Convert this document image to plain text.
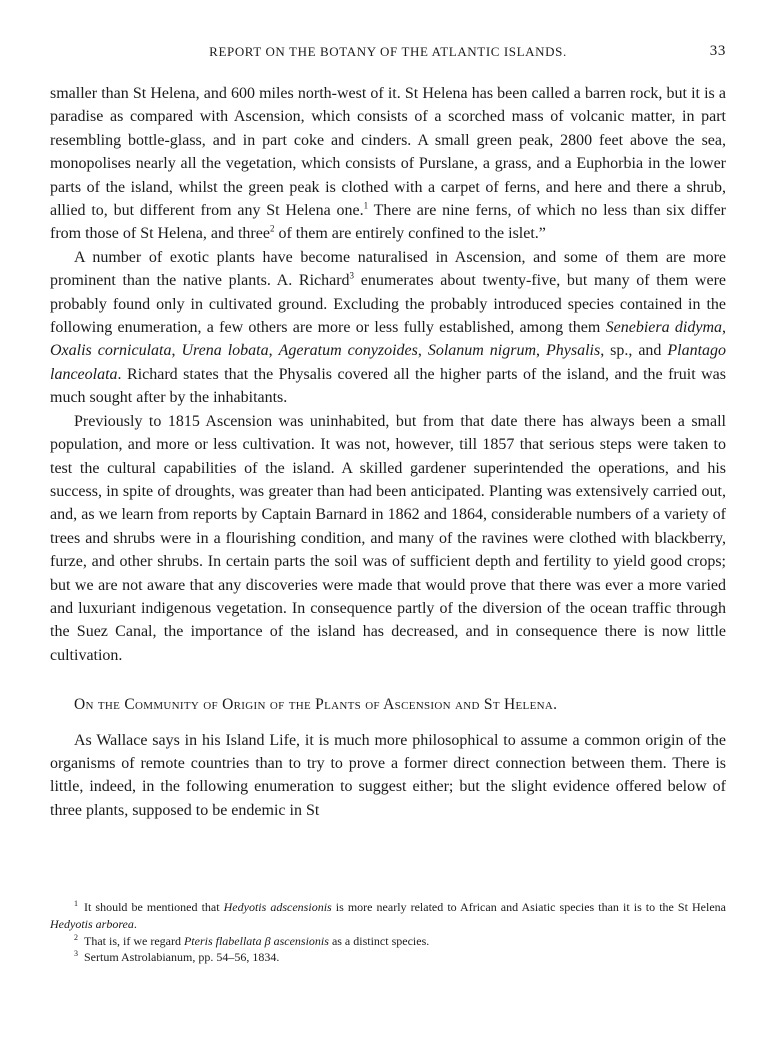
REPORT ON THE BOTANY OF THE ATLANTIC ISLANDS.	33

smaller than St Helena, and 600 miles north-west of it. St Helena has been called a barren rock, but it is a paradise as compared with Ascension, which consists of a scorched mass of volcanic matter, in part resembling bottle-glass, and in part coke and cinders. A small green peak, 2800 feet above the sea, monopolises nearly all the vegetation, which consists of Purslane, a grass, and a Euphorbia in the lower parts of the island, whilst the green peak is clothed with a carpet of ferns, and here and there a shrub, allied to, but different from any St Helena one.$^1$ There are nine ferns, of which no less than six differ from those of St Helena, and three$^2$ of them are entirely confined to the islet.”

A number of exotic plants have become naturalised in Ascension, and some of them are more prominent than the native plants. A. Richard$^3$ enumerates about twenty-five, but many of them were probably found only in cultivated ground. Excluding the probably introduced species contained in the following enumeration, a few others are more or less fully established, among them Senebiera didyma, Oxalis corniculata, Urena lobata, Ageratum conyzoides, Solanum nigrum, Physalis, sp., and Plantago lanceolata. Richard states that the Physalis covered all the higher parts of the island, and the fruit was much sought after by the inhabitants.

Previously to 1815 Ascension was uninhabited, but from that date there has always been a small population, and more or less cultivation. It was not, however, till 1857 that serious steps were taken to test the cultural capabilities of the island. A skilled gardener superintended the operations, and his success, in spite of droughts, was greater than had been anticipated. Planting was extensively carried out, and, as we learn from reports by Captain Barnard in 1862 and 1864, considerable numbers of a variety of trees and shrubs were in a flourishing condition, and many of the ravines were clothed with blackberry, furze, and other shrubs. In certain parts the soil was of sufficient depth and fertility to yield good crops; but we are not aware that any discoveries were made that would prove that there was ever a more varied and luxuriant indigenous vegetation. In consequence partly of the diversion of the ocean traffic through the Suez Canal, the importance of the island has decreased, and in consequence there is now little cultivation.

On the Community of Origin of the Plants of Ascension and St Helena.

As Wallace says in his Island Life, it is much more philosophical to assume a common origin of the organisms of remote countries than to try to prove a former direct connection between them. There is little, indeed, in the following enumeration to suggest either; but the slight evidence offered below of three plants, supposed to be endemic in St

$^1$ It should be mentioned that Hedyotis adscensionis is more nearly related to African and Asiatic species than it is to the St Helena Hedyotis arborea.

$^2$ That is, if we regard Pteris flabellata β ascensionis as a distinct species.

$^3$ Sertum Astrolabianum, pp. 54–56, 1834.
